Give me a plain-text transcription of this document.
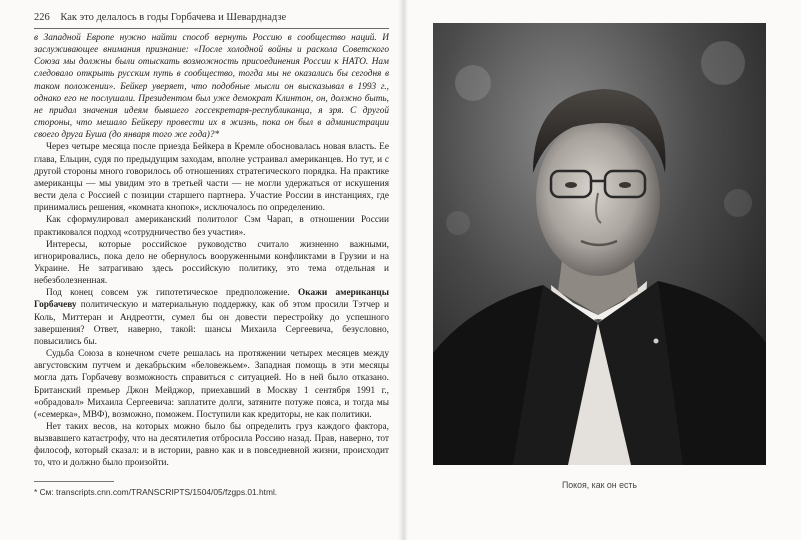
226 Как это делалось в годы Горбачева и Шеварднадзе

в Западной Европе нужно найти способ вернуть Россию в сообщество наций. И заслуживающее внимания признание: «После холодной войны и раскола Советского Союза мы должны были отыскать возможность присоединения России к НАТО. Нам следовало открыть русским путь в сообщество, тогда мы не оказались бы сегодня в таком положении». Бейкер уверяет, что подобные мысли он высказывал в 1993 г., однако его не послушали. Президентом был уже демократ Клинтон, он, должно быть, не придал значения идеям бывшего госсекретаря-республиканца, я зря. С другой стороны, что мешало Бейкеру провести их в жизнь, пока он был в администрации своего друга Буша (до января того же года)?*

Через четыре месяца после приезда Бейкера в Кремле обосновалась новая власть. Ее глава, Ельцин, судя по предыдущим заходам, вполне устраивал американцев. Но тут, и с другой стороны много говорилось об отношениях стратегического порядка. На практике американцы — мы увидим это в третьей части — не могли удержаться от искушения вести дела с Россией с позиции старшего партнера. Участие России в инстанциях, где принимались решения, «комната кнопок», исключалось по определению.

Как сформулировал американский политолог Сэм Чарап, в отношении России практиковался подход «сотрудничество без участия».

Интересы, которые российское руководство считало жизненно важными, игнорировались, пока дело не обернулось вооруженными конфликтами в Грузии и на Украине. Не затрагиваю здесь российскую политику, это тема отдельная и небезболезненная.

Под конец совсем уж гипотетическое предположение. Окажи американцы Горбачеву политическую и материальную поддержку, как об этом просили Тэтчер и Коль, Миттеран и Андреотти, сумел бы он довести перестройку до успешного завершения? Ответ, наверно, такой: шансы Михаила Сергеевича, безусловно, повысились бы.

Судьба Союза в конечном счете решалась на протяжении четырех месяцев между августовским путчем и декабрьским «беловежьем». Западная помощь в эти месяцы могла дать Горбачеву возможность справиться с ситуацией. Но в ней было отказано. Британский премьер Джон Мейджор, приехавший в Москву 1 сентября 1991 г., «обрадовал» Михаила Сергеевича: заплатите долги, затяните потуже пояса, и тогда мы («семерка», МВФ), возможно, поможем. Поступили как кредиторы, не как политики.

Нет таких весов, на которых можно было бы определить груз каждого фактора, вызвавшего катастрофу, что на десятилетия отбросила Россию назад. Прав, наверно, тот философ, который сказал: и в истории, равно как и в повседневной жизни, происходит то, что и должно было произойти.

* См: transcripts.cnn.com/TRANSCRIPTS/1504/05/fzgps.01.html.
Покоя, как он есть
